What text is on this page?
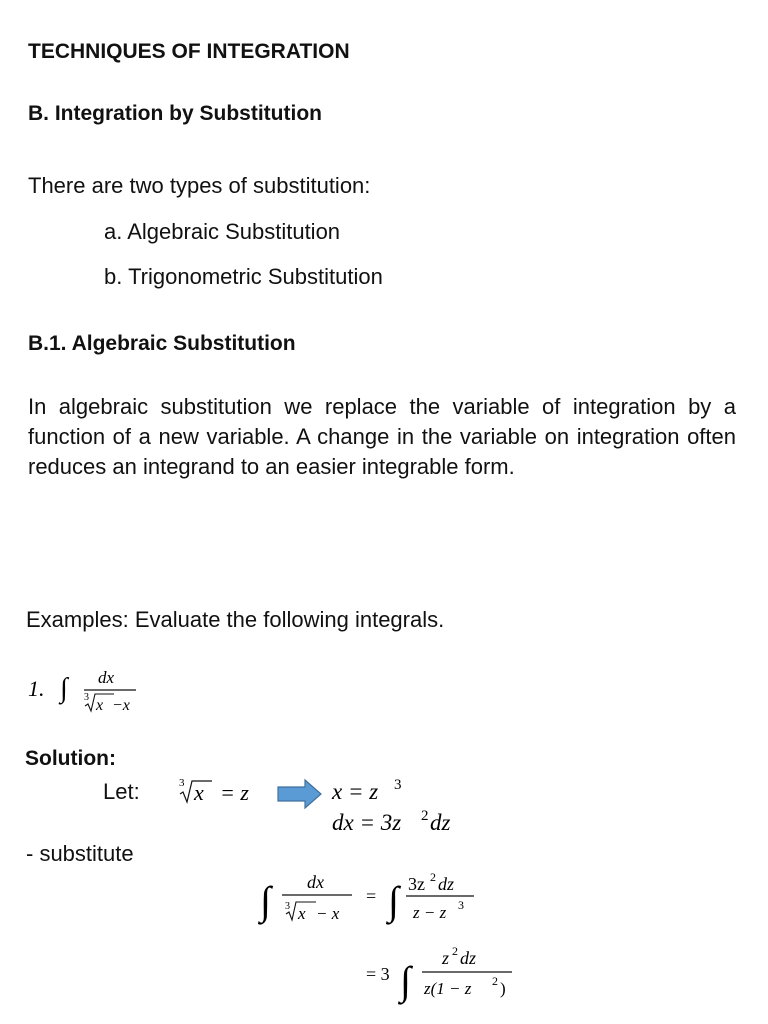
TECHNIQUES OF INTEGRATION
B. Integration by Substitution
There are two types of substitution:
a. Algebraic Substitution
b. Trigonometric Substitution
B.1. Algebraic Substitution
In algebraic substitution we replace the variable of integration by a function of a new variable. A change in the variable on integration often reduces an integrand to an easier integrable form.
Examples: Evaluate the following integrals.
1. ∫ dx
3 x −x
Solution:
Let:	3 x = z	x = z 3
dx = 3z 2 dz
- substitute
∫ dx
3 x − x
= ∫ 3z 2 dz
z − z 3
= 3 ∫ z 2 dz
z(1 − z 2 )
